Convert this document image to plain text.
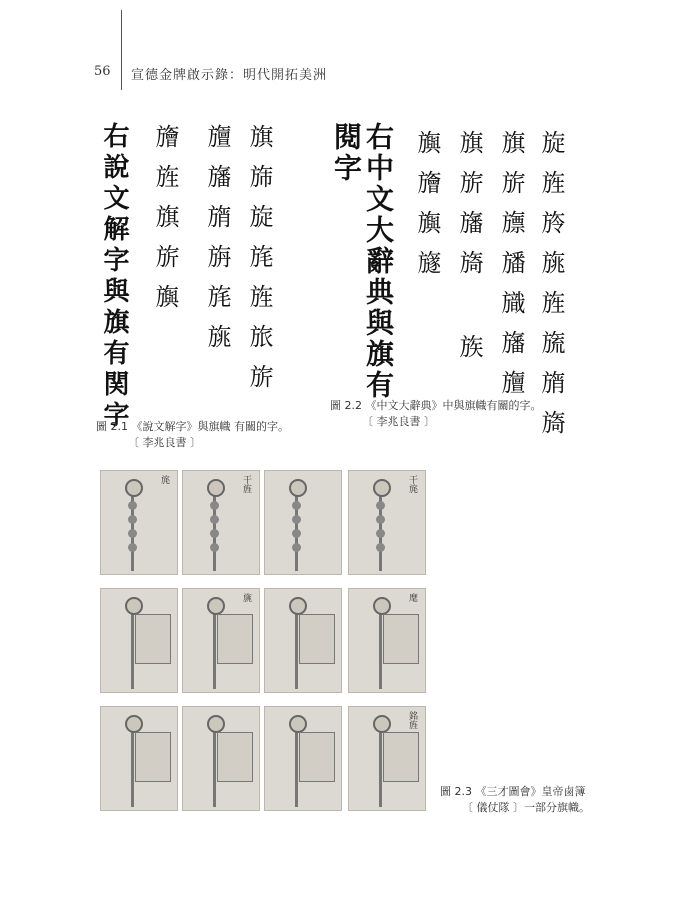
56 宣德金牌啟示錄：明代開拓美洲
右說文解字與旗有関字 旝旌旗旂旟 旜旛旓旃旄旐 旗旆旋旄旌旅旂
圖 2.1 《說文解字》與旗幟 有關的字。
〔 李兆良書 〕
閱字 右中文大辭典與旗有 旟旝旟旞 旗旂旛旖 族 旗旂旚旙旘旛旜 旋旌旍旐旌旒旓旖
圖 2.2 《中文大辭典》中與旗幟有關的字。
〔 李兆良書 〕
旄	干旌	干旄
旐	麾
銘旌
圖 2.3 《三才圖會》皇帝鹵簿
〔 儀仗隊 〕一部分旗幟。
